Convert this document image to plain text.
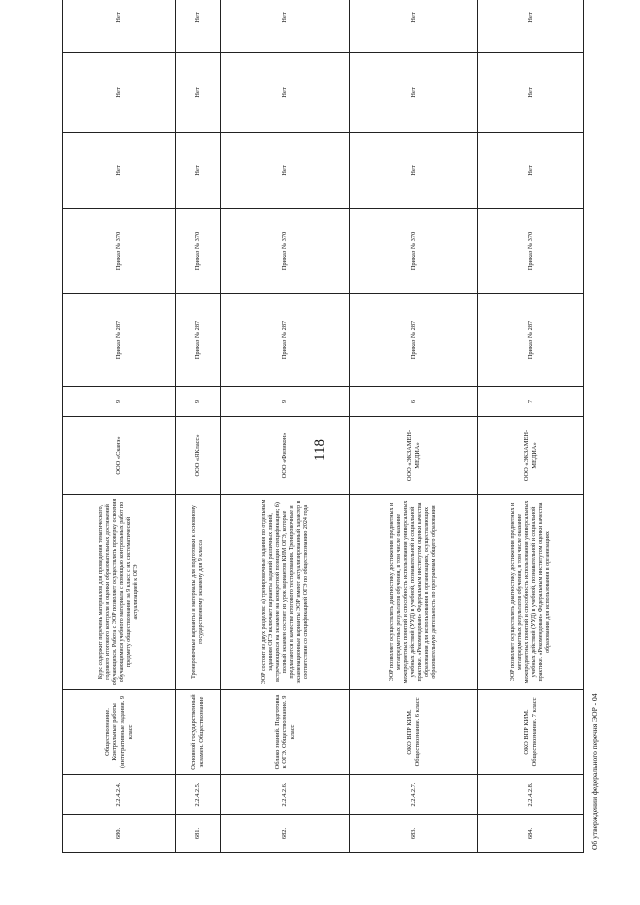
118
680.	2.2.4.2.4.	Обществознание. Контрольные работы (интегративные задания. 9 класс	Курс содержит перечень материалов для проведения тематического, годового итогового контроля и оценки образовательных достижений обучающихся. Работа с ЭОР позволяет осуществлять проверку освоения обучающимися учебного материала с помощью контрольных работ по предмету обществознание за 9 класс с их систематической актуализацией к ОГЭ	ООО «Сканэ»	9	Приказ № 287	Приказ № 370	Нет	Нет	Нет	
681.	2.2.4.2.5.	Основной государственный экзамен. Обществознание	Тренировочные варианты и материалы для подготовки к основному государственному экзамену для 9 класса	ООО «ЯКласс»	9	Приказ № 287	Приказ № 370	Нет	Нет	Нет	
682.	2.2.4.2.6.	Облако знаний. Подготовка к ОГЭ. Обществознание. 9 класс	ЭОР состоит из двух разделов: а) тренировочные задания по отдельным заданиям ОГЭ включает варианты заданий различных линий, встречающихся на экзамене на конкретной позиции спецификации; б) полный экзамен состоит из урок вариантов КИМ ОГЭ, которые предлагаются в качестве итогового тестирования. Тренировочные и экзаменационные варианты ЭОР имеют актуализированный характер в соответствии со спецификацией ОГЭ по обществознанию 2024 года	ООО «Физикон»	9	Приказ № 287	Приказ № 370	Нет	Нет	Нет	
683.	2.2.4.2.7.	ОКО ВПР КИМ. Обществознание. 6 класс	ЭОР позволяет осуществлять диагностику достижения предметных и метапредметных результатов обучения, в том числе оказание межпредметных понятий и способность использования универсальных учебных действий (УУД) в учебной, познавательной и социальной практике. «Рекомендован» Федеральным институтом оценки качества образования для использования в организациях, осуществляющих образовательную деятельность по программам общего образования	ООО «ЭКЗАМЕН-МЕДИА»	6	Приказ № 287	Приказ № 370	Нет	Нет	Нет	
684.	2.2.4.2.8.	ОКО ВПР КИМ. Обществознание. 7 класс	ЭОР позволяет осуществлять диагностику достижения предметных и метапредметных результатов обучения, в том числе оказание межпредметных понятий и способность использования универсальных учебных действий (УУД) в учебной, познавательной и социальной практике. «Рекомендован» Федеральным институтом оценки качества образования для использования в организациях	ООО «ЭКЗАМЕН-МЕДИА»	7	Приказ № 287	Приказ № 370	Нет	Нет	Нет	
Об утверждении федерального перечня ЭОР - 04
